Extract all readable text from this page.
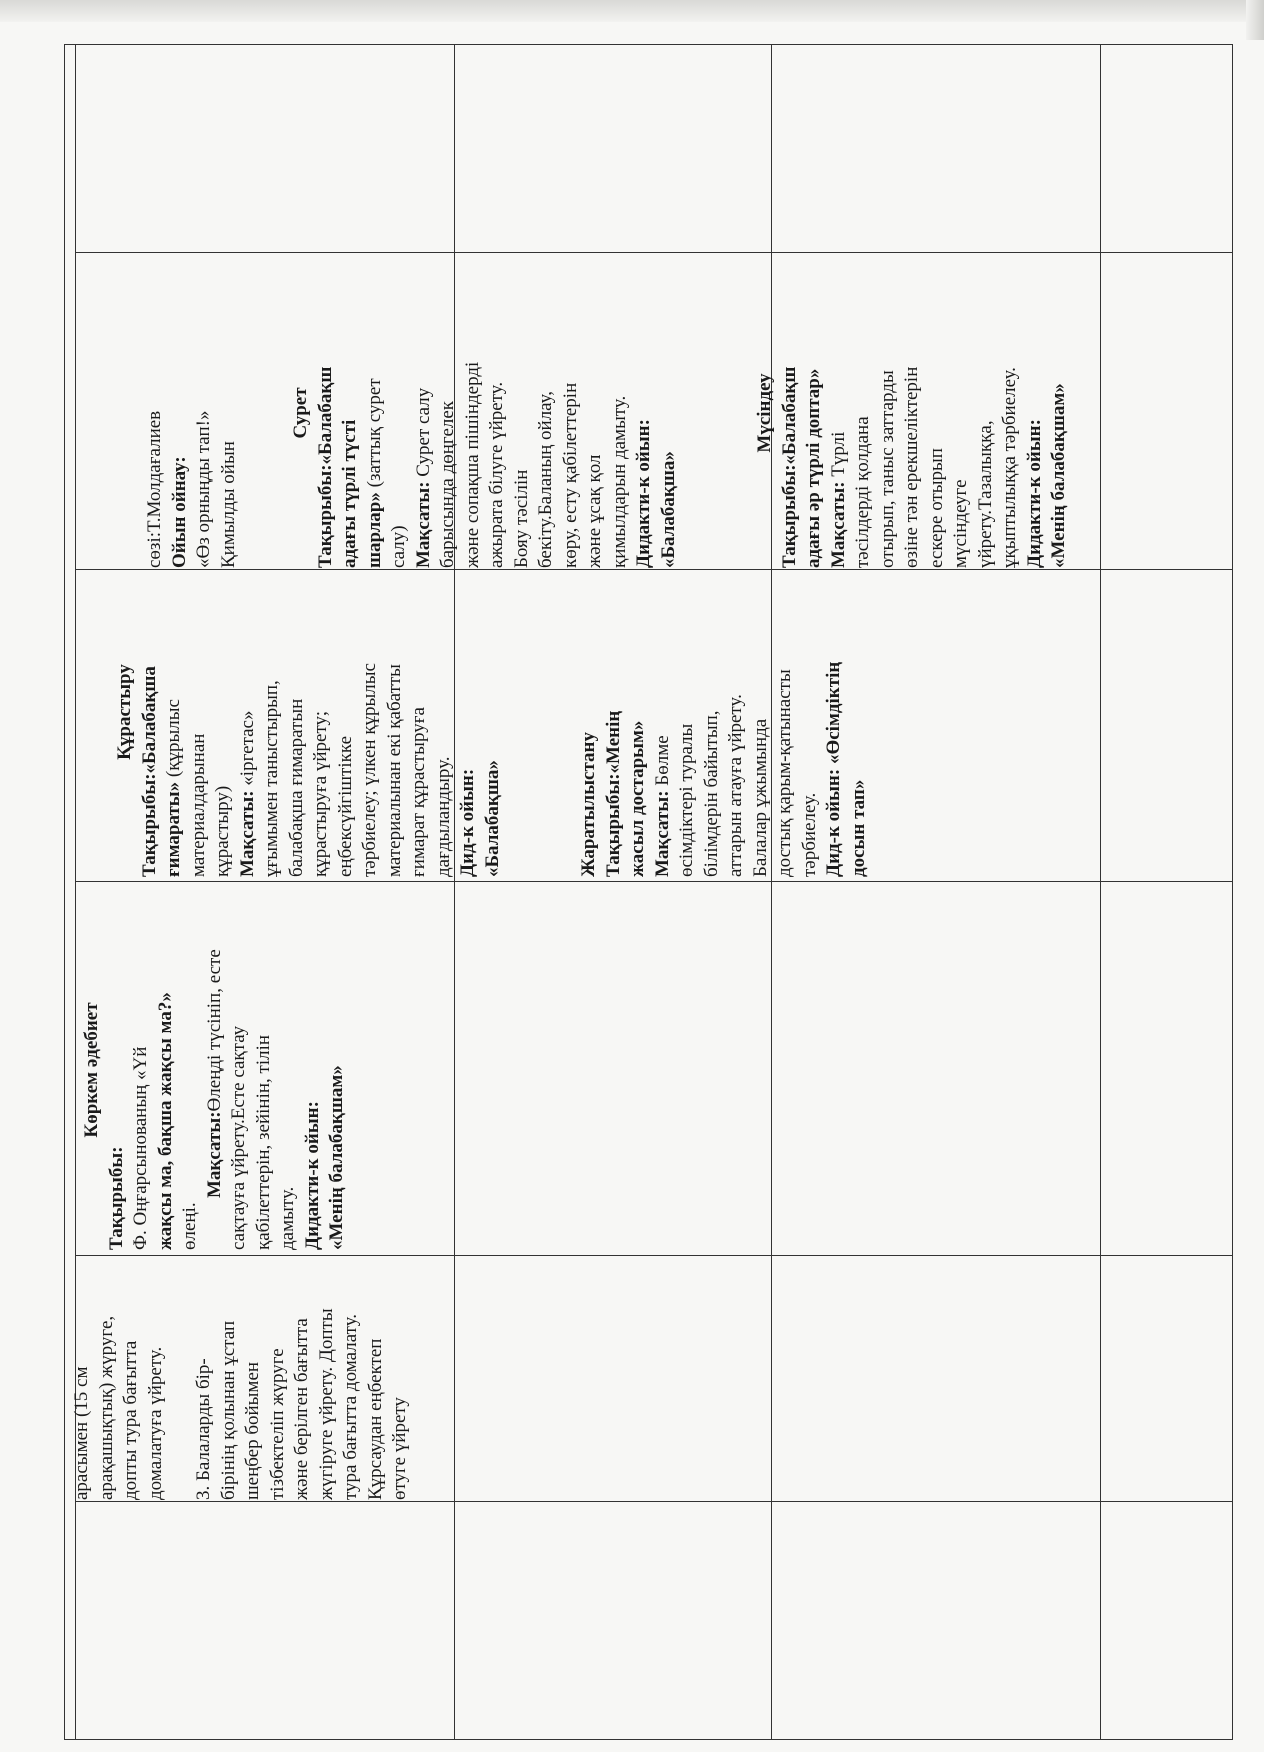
арасымен (15 см арақашықтық) жүруге, допты тура бағытта домалатуға үйрету. 3. Балаларды бір- бірінің қолынан ұстап шеңбер бойымен тізбектеліп жүруге және берілген бағытта жүгіруге үйрету. Допты тура бағытта домалату. Құрсаудан еңбектеп өтуге үйрету

Көркем әдебиет

Тақырыбы: Ф. Оңғарсынованың «Үй жақсы ма, бақша жақсы ма?» өлеңі.

Мақсаты:Өлеңді түсініп, есте сақтауға үйрету.Есте сақтау қабілеттерін, зейінін, тілін дамыту. Дидакти-к ойын: «Менің балабақшам»

Құрастыру

Тақырыбы:«Балабақша

ғимараты» (құрылыс материалдарынан құрастыру) Мақсаты: «іргетас» ұғымымен таныстырып, балабақша ғимаратын құрастыруға үйрету; еңбексүйгіштікке тәрбиелеу; үлкен құрылыс материалынан екі қабатты ғимарат құрастыруға дағдыландыру. Дид-к ойын: «Балабақша»	Жаратылыстану Тақырыбы:«Менің жасыл достарым» Мақсаты: Бөлме өсімдіктері туралы білімдерін байытып, аттарын атауға үйрету. Балалар ұжымында достық қарым-қатынасты тәрбиелеу. Дид-к ойын: «Өсімдіктің

досын тап»

сөзі:Т.Молдағалиев Ойын ойнау: «Өз орныңды тап!» Қимылды ойын

Сурет

Тақырыбы:«Балабақш

адағы түрлі түсті шарлар» (заттық сурет

салу) Мақсаты: Сурет салу барысында дөңгелек және сопақша пішіндерді ажырата білуге үйрету. Бояу тәсілін бекіту.Баланың ойлау, көру, есту қабілеттерін және ұсақ қол қимылдарын дамыту. Дидакти-к ойын: «Балабақша»

Мүсіндеу

Тақырыбы:«Балабақш адағы әр түрлі доптар» Мақсаты: Түрлі тәсілдерді қолдана отырып, таныс заттарды өзіне тән ерекшеліктерін ескере отырып мүсіндеуге үйрету.Тазалыққа, ұқыптылыққа тәрбиелеу. Дидакти-к ойын: «Менің балабақшам»
